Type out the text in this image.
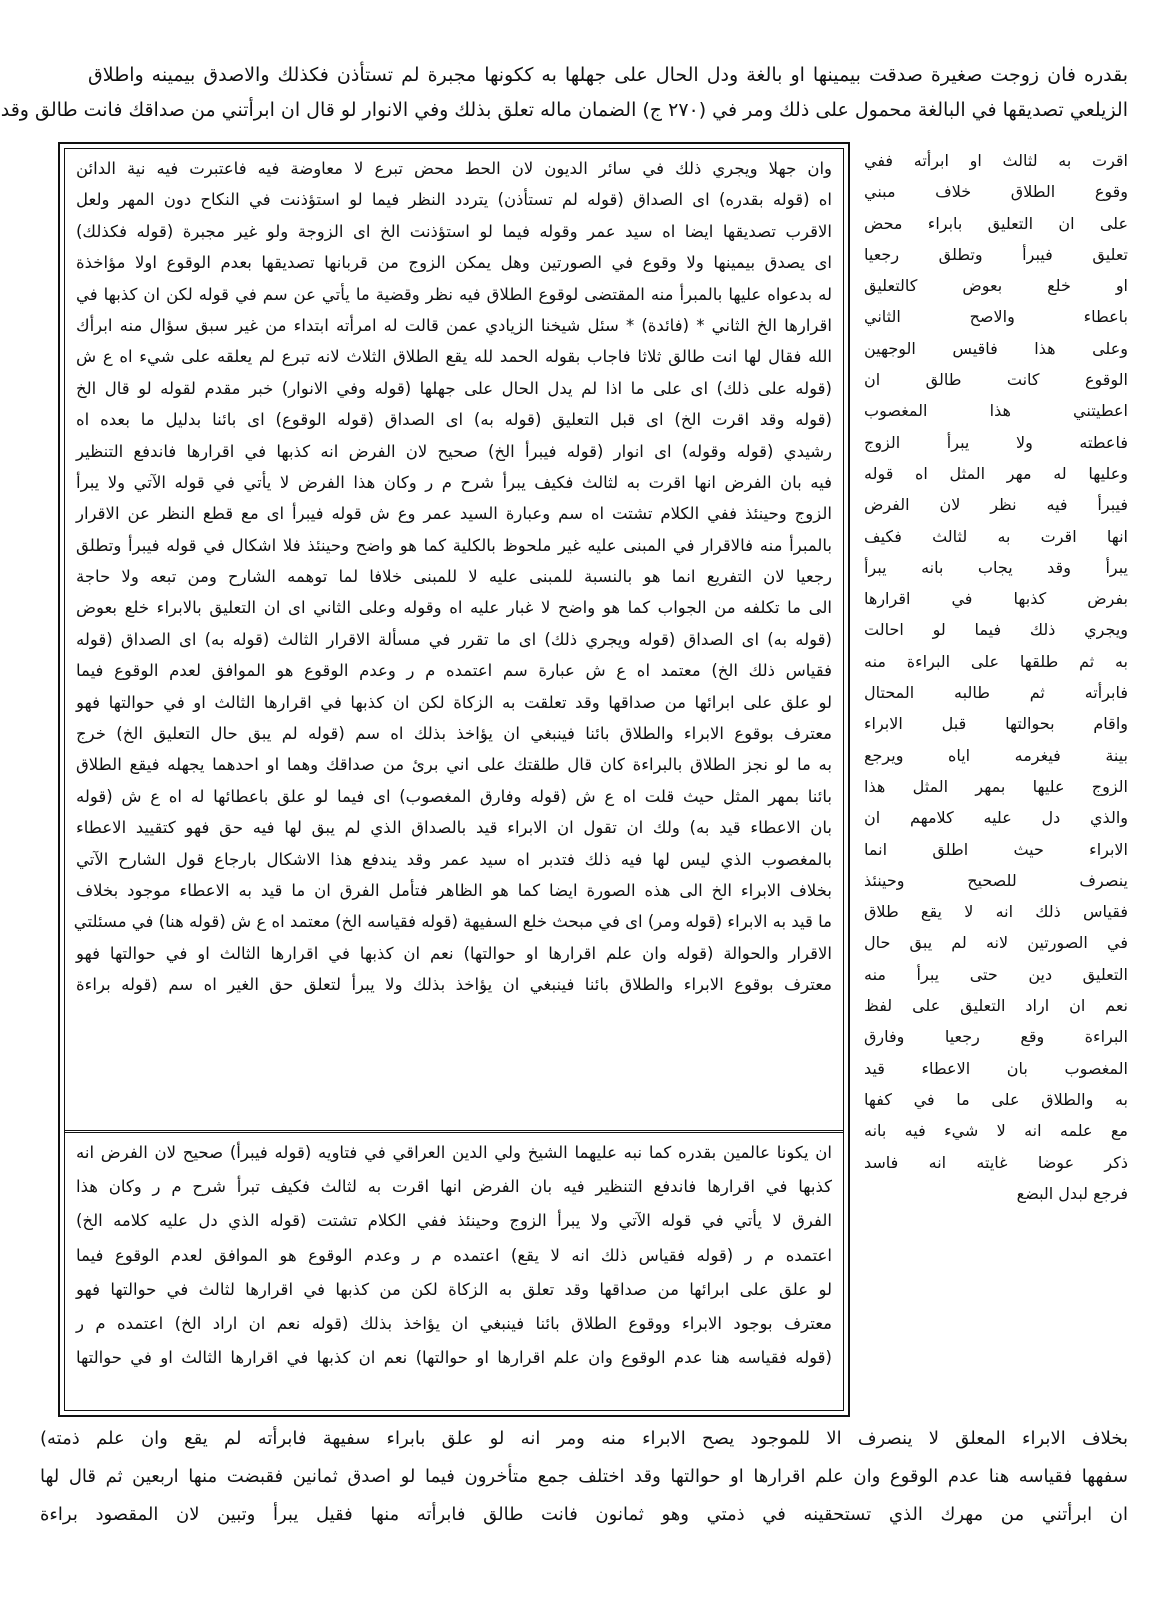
بقدره فان زوجت صغيرة صدقت بيمينها او بالغة ودل الحال على جهلها به ككونها مجبرة لم تستأذن فكذلك والاصدق بيمينه واطلاق
الزيلعي تصديقها في البالغة محمول على ذلك ومر في (٢٧٠ ج) الضمان ماله تعلق بذلك وفي الانوار لو قال ان ابرأتني من صداقك فانت طالق وقد
وان جهلا ويجري ذلك في سائر الديون لان الحط محض تبرع لا معاوضة فيه فاعتبرت فيه نية الدائن
اه (قوله بقدره) اى الصداق (قوله لم تستأذن) يتردد النظر فيما لو استؤذنت في النكاح دون المهر ولعل
الاقرب تصديقها ايضا اه سيد عمر وقوله فيما لو استؤذنت الخ اى الزوجة ولو غير مجبرة (قوله فكذلك)
اى يصدق بيمينها ولا وقوع في الصورتين وهل يمكن الزوج من قربانها تصديقها بعدم الوقوع اولا مؤاخذة
له بدعواه عليها بالمبرأ منه المقتضى لوقوع الطلاق فيه نظر وقضية ما يأتي عن سم في قوله لكن ان كذبها في
اقرارها الخ الثاني * (فائدة) * سئل شيخنا الزيادي عمن قالت له امرأته ابتداء من غير سبق سؤال منه ابرأك
الله فقال لها انت طالق ثلاثا فاجاب بقوله الحمد لله يقع الطلاق الثلاث لانه تبرع لم يعلقه على شيء اه ع ش
(قوله على ذلك) اى على ما اذا لم يدل الحال على جهلها (قوله وفي الانوار) خبر مقدم لقوله لو قال الخ
(قوله وقد اقرت الخ) اى قبل التعليق (قوله به) اى الصداق (قوله الوقوع) اى بائنا بدليل ما بعده اه
رشيدي (قوله وقوله) اى انوار (قوله فيبرأ الخ) صحيح لان الفرض انه كذبها في اقرارها فاندفع التنظير
فيه بان الفرض انها اقرت به لثالث فكيف يبرأ شرح م ر وكان هذا الفرض لا يأتي في قوله الآتي ولا يبرأ
الزوج وحينئذ ففي الكلام تشتت اه سم وعبارة السيد عمر وع ش قوله فيبرأ اى مع قطع النظر عن الاقرار
بالمبرأ منه فالاقرار في المبنى عليه غير ملحوظ بالكلية كما هو واضح وحينئذ فلا اشكال في قوله فيبرأ وتطلق
رجعيا لان التفريع انما هو بالنسبة للمبنى عليه لا للمبنى خلافا لما توهمه الشارح ومن تبعه ولا حاجة
الى ما تكلفه من الجواب كما هو واضح لا غبار عليه اه وقوله وعلى الثاني اى ان التعليق بالابراء خلع بعوض
(قوله به) اى الصداق (قوله ويجري ذلك) اى ما تقرر في مسألة الاقرار الثالث (قوله به) اى الصداق (قوله
فقياس ذلك الخ) معتمد اه ع ش عبارة سم اعتمده م ر وعدم الوقوع هو الموافق لعدم الوقوع فيما
لو علق على ابرائها من صداقها وقد تعلقت به الزكاة لكن ان كذبها في اقرارها الثالث او في حوالتها فهو
معترف بوقوع الابراء والطلاق بائنا فينبغي ان يؤاخذ بذلك اه سم (قوله لم يبق حال التعليق الخ) خرج
به ما لو نجز الطلاق بالبراءة كان قال طلقتك على اني برئ من صداقك وهما او احدهما يجهله فيقع الطلاق
بائنا بمهر المثل حيث قلت اه ع ش (قوله وفارق المغصوب) اى فيما لو علق باعطائها له اه ع ش (قوله
بان الاعطاء قيد به) ولك ان تقول ان الابراء قيد بالصداق الذي لم يبق لها فيه حق فهو كتقييد الاعطاء
بالمغصوب الذي ليس لها فيه ذلك فتدبر اه سيد عمر وقد يندفع هذا الاشكال بارجاع قول الشارح الآتي
بخلاف الابراء الخ الى هذه الصورة ايضا كما هو الظاهر فتأمل الفرق ان ما قيد به الاعطاء موجود بخلاف
ما قيد به الابراء (قوله ومر) اى في مبحث خلع السفيهة (قوله فقياسه الخ) معتمد اه ع ش (قوله هنا) في مسئلتي
الاقرار والحوالة (قوله وان علم اقرارها او حوالتها) نعم ان كذبها في اقرارها الثالث او في حوالتها فهو
معترف بوقوع الابراء والطلاق بائنا فينبغي ان يؤاخذ بذلك ولا يبرأ لتعلق حق الغير اه سم (قوله براءة
ان يكونا عالمين بقدره كما نبه عليهما الشيخ ولي الدين العراقي في فتاويه (قوله فيبرأ) صحيح لان الفرض انه
كذبها في اقرارها فاندفع التنظير فيه بان الفرض انها اقرت به لثالث فكيف تبرأ شرح م ر وكان هذا
الفرق لا يأتي في قوله الآتي ولا يبرأ الزوج وحينئذ ففي الكلام تشتت (قوله الذي دل عليه كلامه الخ)
اعتمده م ر (قوله فقياس ذلك انه لا يقع) اعتمده م ر وعدم الوقوع هو الموافق لعدم الوقوع فيما
لو علق على ابرائها من صداقها وقد تعلق به الزكاة لكن من كذبها في اقرارها لثالث في حوالتها فهو
معترف بوجود الابراء ووقوع الطلاق بائنا فينبغي ان يؤاخذ بذلك (قوله نعم ان اراد الخ) اعتمده م ر
(قوله فقياسه هنا عدم الوقوع وان علم اقرارها او حوالتها) نعم ان كذبها في اقرارها الثالث او في حوالتها
اقرت به لثالث او ابرأته ففي
وقوع الطلاق خلاف مبني
على ان التعليق بابراء محض
تعليق فيبرأ وتطلق رجعيا
او خلع بعوض كالتعليق
باعطاء والاصح الثاني
وعلى هذا فاقيس الوجهين
الوقوع كانت طالق ان
اعطيتني هذا المغصوب
فاعطته ولا يبرأ الزوج
وعليها له مهر المثل اه قوله
فيبرأ فيه نظر لان الفرض
انها اقرت به لثالث فكيف
يبرأ وقد يجاب بانه يبرأ
بفرض كذبها في اقرارها
ويجري ذلك فيما لو احالت
به ثم طلقها على البراءة منه
فابرأته ثم طالبه المحتال
واقام بحوالتها قبل الابراء
بينة فيغرمه اياه ويرجع
الزوج عليها بمهر المثل هذا
والذي دل عليه كلامهم ان
الابراء حيث اطلق انما
ينصرف للصحيح وحينئذ
فقياس ذلك انه لا يقع طلاق
في الصورتين لانه لم يبق حال
التعليق دين حتى يبرأ منه
نعم ان اراد التعليق على لفظ
البراءة وقع رجعيا وفارق
المغصوب بان الاعطاء قيد
به والطلاق على ما في كفها
مع علمه انه لا شيء فيه بانه
ذكر عوضا غايته انه فاسد
فرجع لبدل البضع
بخلاف الابراء المعلق لا ينصرف الا للموجود يصح الابراء منه ومر انه لو علق بابراء سفيهة فابرأته لم يقع وان علم ذمته)
سفهها فقياسه هنا عدم الوقوع وان علم اقرارها او حوالتها وقد اختلف جمع متأخرون فيما لو اصدق ثمانين فقبضت منها اربعين ثم قال لها
ان ابرأتني من مهرك الذي تستحقينه في ذمتي وهو ثمانون فانت طالق فابرأته منها فقيل يبرأ وتبين لان المقصود براءة
